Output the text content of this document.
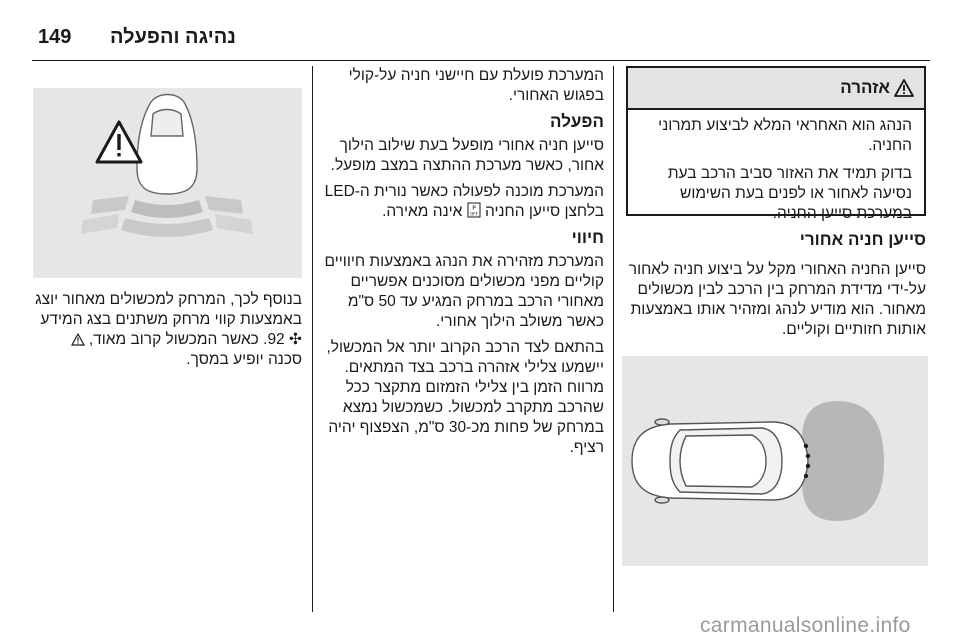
נהיגה והפעלה
149
אזהרה

הנהג הוא האחראי המלא לביצוע תמרוני החניה.

בדוק תמיד את האזור סביב הרכב בעת נסיעה לאחור או לפנים בעת השימוש במערכת סייען החניה.

סייען חניה אחורי

סייען החניה האחורי מקל על ביצוע חניה לאחור על-ידי מדידת המרחק בין הרכב לבין מכשולים מאחור. הוא מודיע לנהג ומזהיר אותו באמצעות אותות חזותיים וקוליים.

המערכת פועלת עם חיישני חניה על-קולי בפגוש האחורי.

הפעלה

סייען חניה אחורי מופעל בעת שילוב הילוך אחור, כאשר מערכת ההתצה במצב מופעל.

המערכת מוכנה לפעולה כאשר נורית ה-LED בלחצן סייען החניה
P
OFF
אינה מאירה.

חיווי

המערכת מזהירה את הנהג באמצעות חיוויים קוליים מפני מכשולים מסוכנים אפשריים מאחורי הרכב במרחק המגיע עד 50 ס"מ כאשר משולב הילוך אחורי.

בהתאם לצד הרכב הקרוב יותר אל המכשול, יישמעו צלילי אזהרה ברכב בצד המתאים. מרווח הזמן בין צלילי הזמזום מתקצר ככל שהרכב מתקרב למכשול. כשמכשול נמצא במרחק של פחות מכ-30 ס"מ, הצפצוף יהיה רציף.

בנוסף לכך, המרחק למכשולים מאחור יוצג באמצעות קווי מרחק משתנים בצג המידע ✣ 92. כאשר המכשול קרוב מאוד,  סכנה יופיע במסך.

carmanualsonline.info
